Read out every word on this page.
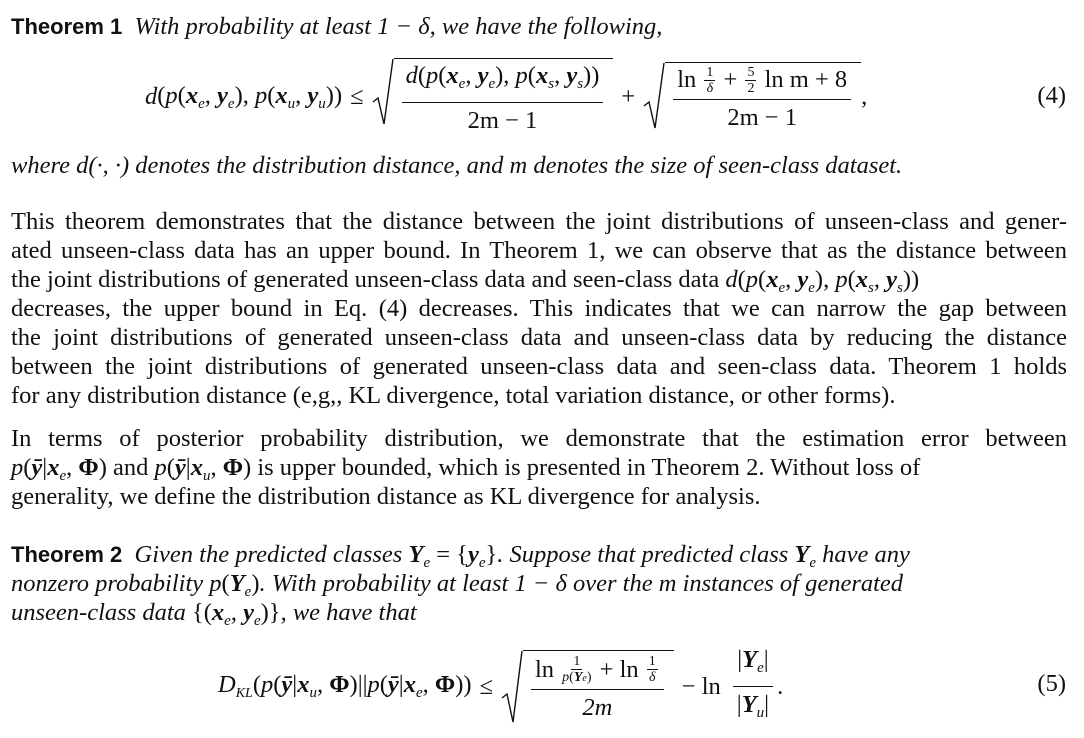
Theorem 1 With probability at least 1 − δ, we have the following,
d ($p(x_e$, $y_e$), $p(x_u$, $y_u)) \le \frac{d(p(x_e, y_e), p(x_s, y_s))}{2m - 1} + \ln$
1
δ
+
$\frac{5}{2}$
ln m + 8
2m − 1 ,	(4)
where d(·, ·) denotes the distribution distance, and m denotes the size of seen-class dataset.
This theorem demonstrates that the distance between the joint distributions of unseen-class and gener-
ated unseen-class data has an upper bound. In Theorem 1, we can observe that as the distance between
the joint distributions of generated unseen-class data and seen-class data $d(p(x_e$, $y_e$), $p(x_s$, $y_s$))
decreases, the upper bound in Eq. (4) decreases. This indicates that we can narrow the gap between
the joint distributions of generated unseen-class data and unseen-class data by reducing the distance
between the joint distributions of generated unseen-class data and seen-class data. Theorem 1 holds
for any distribution distance (e,g,, KL divergence, total variation distance, or other forms).
In terms of posterior probability distribution, we demonstrate that the estimation error between
$p(ȳ|x_e$, Φ) and $p(ȳ|x_u$, Φ) is upper bounded, which is presented in Theorem 2. Without loss of
generality, we define the distribution distance as KL divergence for analysis.
Theorem 2 Given the predicted classes $Y_e = \{y_e\}$. Suppose that predicted class $Y_e$ have any
nonzero probability $p(Y_e)$. With probability at least 1 − δ over the m instances of generated
unseen-class data {($x_e$, $y_e$)}, we have that
$D_{KL}(p(ȳ|x_u$, $\Phi)||p(ȳ|x_e$, Φ)) ≤ ln
1
p(Ye)
+ ln
1
δ
$2m - \ln \frac{|Y_e|}{|Y_u|}$ .	(5)
